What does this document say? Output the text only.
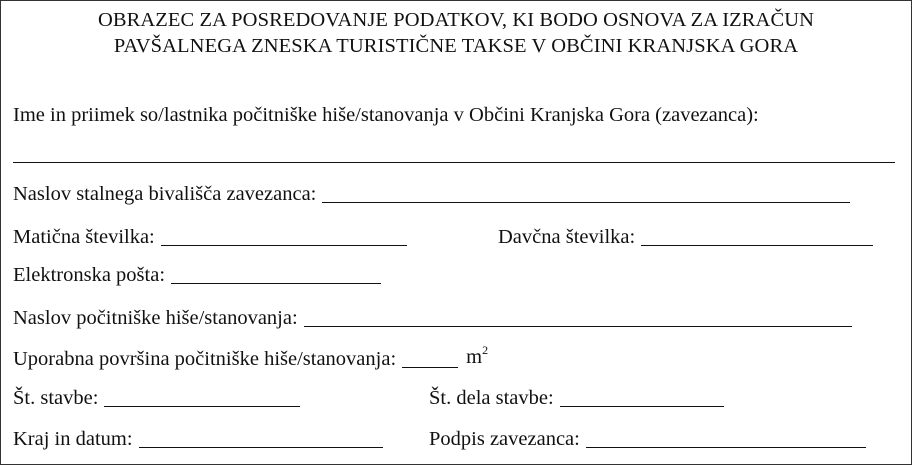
OBRAZEC ZA POSREDOVANJE PODATKOV, KI BODO OSNOVA ZA IZRAČUN
PAVŠALNEGA ZNESKA TURISTIČNE TAKSE V OBČINI KRANJSKA GORA
Ime in priimek so/lastnika počitniške hiše/stanovanja v Občini Kranjska Gora (zavezanca):
Naslov stalnega bivališča zavezanca:
Matična številka:	Davčna številka:
Elektronska pošta:
Naslov počitniške hiše/stanovanja:
Uporabna površina počitniške hiše/stanovanja:	$m^2$
Št. stavbe:	Št. dela stavbe:
Kraj in datum:	Podpis zavezanca:
